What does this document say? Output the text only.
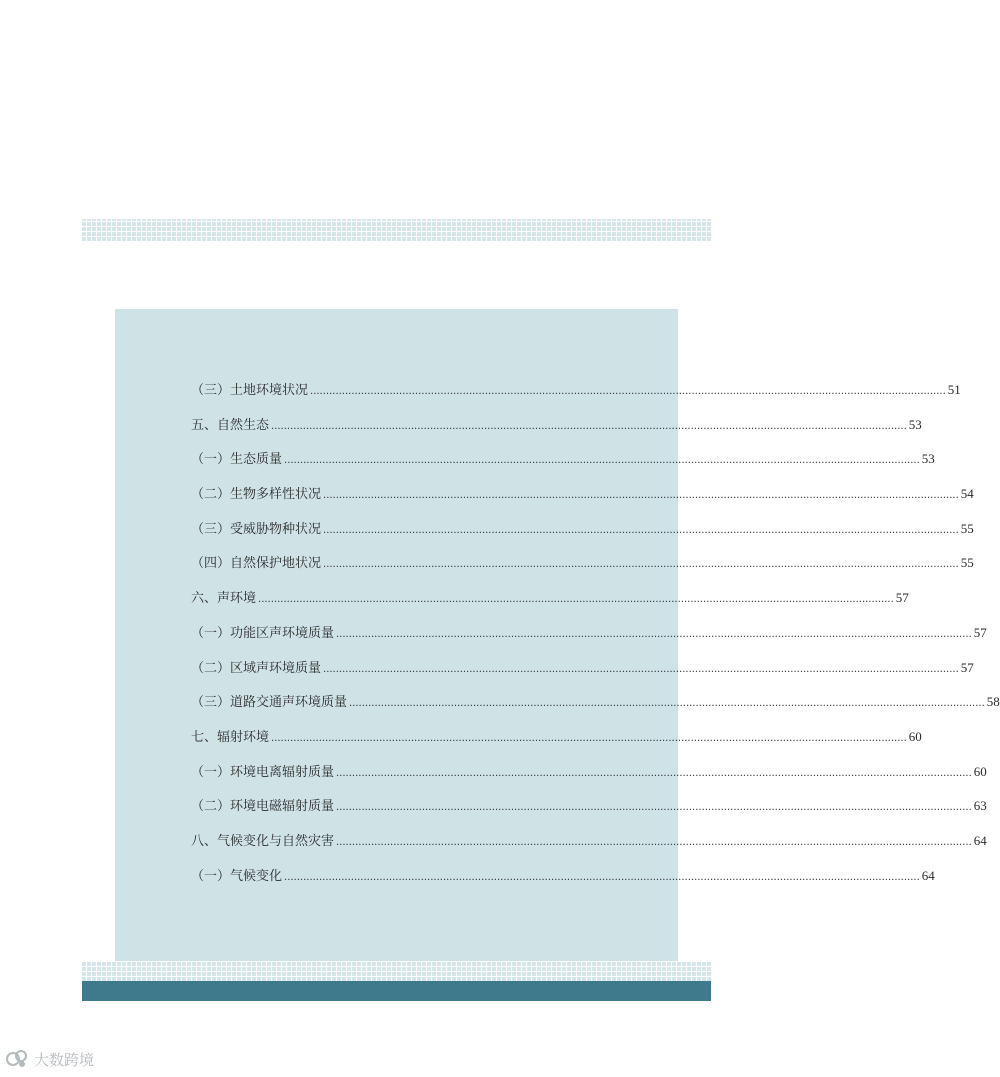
（三）土地环境状况 ........................................................................................................................................................................................................ 51
五、自然生态 ........................................................................................................................................................................................................ 53
（一）生态质量 ........................................................................................................................................................................................................ 53
（二）生物多样性状况 ........................................................................................................................................................................................................ 54
（三）受威胁物种状况 ........................................................................................................................................................................................................ 55
（四）自然保护地状况 ........................................................................................................................................................................................................ 55
六、声环境 ........................................................................................................................................................................................................ 57
（一）功能区声环境质量 ........................................................................................................................................................................................................ 57
（二）区域声环境质量 ........................................................................................................................................................................................................ 57
（三）道路交通声环境质量 ........................................................................................................................................................................................................ 58
七、辐射环境 ........................................................................................................................................................................................................ 60
（一）环境电离辐射质量 ........................................................................................................................................................................................................ 60
（二）环境电磁辐射质量 ........................................................................................................................................................................................................ 63
八、气候变化与自然灾害 ........................................................................................................................................................................................................ 64
（一）气候变化 ........................................................................................................................................................................................................ 64
大数跨境
